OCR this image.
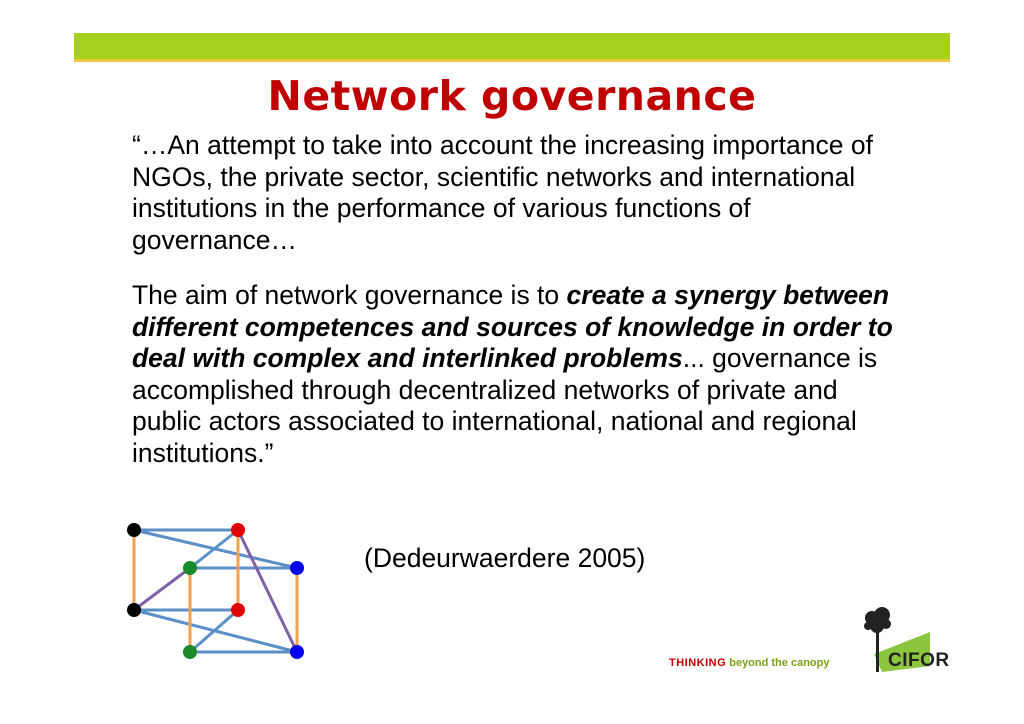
Network governance

“…An attempt to take into account the increasing importance of NGOs, the private sector, scientific networks and international institutions in the performance of various functions of governance…

The aim of network governance is to create a synergy between different competences and sources of knowledge in order to deal with complex and interlinked problems... governance is accomplished through decentralized networks of private and public actors associated to international, national and regional institutions.”

(Dedeurwaerdere 2005)
THINKING beyond the canopy	CIFOR
